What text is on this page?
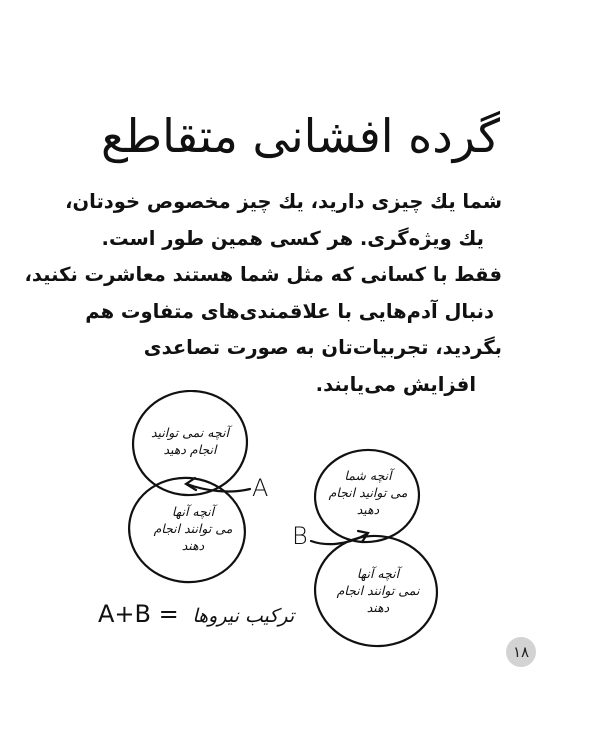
گرده افشانی متقاطع

شما یك چیزی دارید، یك چیز مخصوص خودتان،
یك ویژه‌گری. هر کسی همین طور است.
فقط با کسانی که مثل شما هستند معاشرت نکنید،
دنبال آدم‌هایی با علاقمندی‌های متفاوت هم
بگردید، تجربیات‌تان به صورت تصاعدی
افزایش می‌یابند.

آنچه نمی توانید
انجام دهید
آنچه آنها
می توانند انجام
دهند
آنچه شما
می توانید انجام
دهید
آنچه آنها
نمی توانند انجام
دهند
A
B
A+B = ترکیب نیروها
۱۸
